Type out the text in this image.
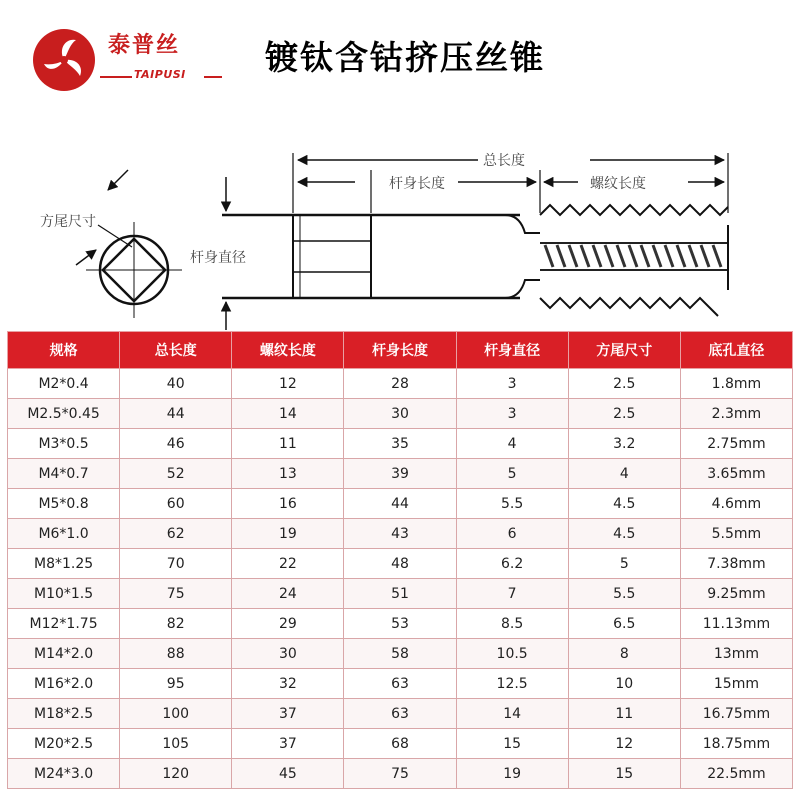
泰普丝
TAIPUSI 镀钛含钴挤压丝锥
方尾尺寸
总长度
杆身长度	螺纹长度
杆身直径
规格	总长度	螺纹长度	杆身长度	杆身直径	方尾尺寸	底孔直径
M2*0.4	40	12	28	3	2.5	1.8mm
M2.5*0.45	44	14	30	3	2.5	2.3mm
M3*0.5	46	11	35	4	3.2	2.75mm
M4*0.7	52	13	39	5	4	3.65mm
M5*0.8	60	16	44	5.5	4.5	4.6mm
M6*1.0	62	19	43	6	4.5	5.5mm
M8*1.25	70	22	48	6.2	5	7.38mm
M10*1.5	75	24	51	7	5.5	9.25mm
M12*1.75	82	29	53	8.5	6.5	11.13mm
M14*2.0	88	30	58	10.5	8	13mm
M16*2.0	95	32	63	12.5	10	15mm
M18*2.5	100	37	63	14	11	16.75mm
M20*2.5	105	37	68	15	12	18.75mm
M24*3.0	120	45	75	19	15	22.5mm
